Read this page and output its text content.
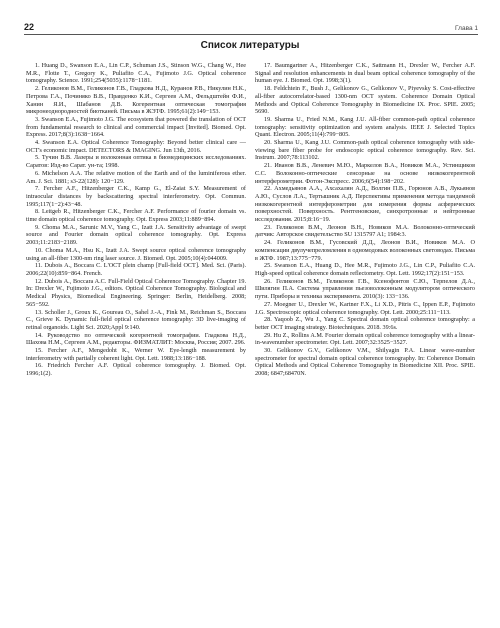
22	Глава 1
Список литературы

1. Huang D., Swanson E.A., Lin C.P., Schuman J.S., Stinson W.G., Chang W., Hee M.R., Flotte T., Gregory K., Puliafito C.A., Fujimoto J.G. Optical coherence tomography. Science. 1991;254(5035):1178−1181.

2. Геликонов В.М., Геликонов Г.В., Гладкова Н.Д., Куранов Р.В., Никулин Н.К., Петрова Г.А., Починяко В.В., Правденко К.И., Сергеев А.М., Фельдштейн Ф.И., Ханин Я.И., Шабанов Д.В. Когерентная оптическая томография микронеоднородностей биотканей. Письма в ЖЭТФ. 1995;61(2):149−153.

3. Swanson E.A., Fujimoto J.G. The ecosystem that powered the translation of OCT from fundamental research to clinical and commercial impact [Invited]. Biomed. Opt. Express. 2017;8(3):1638−1664.

4. Swanson E.A. Optical Coherence Tomography: Beyond better clinical care — OCT's economic impact. DETECTORS & IMAGING. Jun 13th, 2016.

5. Тучин В.В. Лазеры и волоконная оптика в биомедицинских исследованиях. Саратов: Изд-во Сарат. ун-та; 1998.

6. Michelson A.A. The relative motion of the Earth and of the luminiferous ether. Am. J. Sci. 1881; s3-22(128): 120−129.

7. Fercher A.F., Hitzenberger C.K., Kamp G., El-Zaiat S.Y. Measurement of intraocular distances by backscattering spectral interferometry. Opt. Commun. 1995;117(1−2):43−48.

8. Leitgeb R., Hitzenberger C.K., Fercher A.F. Performance of fourier domain vs. time domain optical coherence tomography. Opt. Express 2003;11:889−894.

9. Choma M.A., Sarunic M.V., Yang C., Izatt J.A. Sensitivity advantage of swept source and Fourier domain optical coherence tomography. Opt. Express 2003;11:2183−2189.

10. Choma M.A., Hsu K., Izatt J.A. Swept source optical coherence tomography using an all-fiber 1300-nm ring laser source. J. Biomed. Opt. 2005;10(4):044009.

11. Dubois A., Boccara C. L'OCT plein champ [Full-field OCT]. Med. Sci. (Paris). 2006;22(10):859−864. French.

12. Dubois A., Boccara A.C. Full-Field Optical Coherence Tomography. Chapter 19. In: Drexler W., Fujimoto J.G., editors. Optical Coherence Tomography. Biological and Medical Physics, Biomedical Engineering. Springer: Berlin, Heidelberg. 2008; 565−592.

13. Scholler J., Groux K., Goureau O., Sahel J.-A., Fink M., Reichman S., Boccara C., Grieve K. Dynamic full-field optical coherence tomography: 3D live-imaging of retinal organoids. Light Sci. 2020;Appl 9:140.

14. Руководство по оптической когерентной томографии. Гладкова Н.Д., Шахова Н.М., Сергеев А.М., редакторы. ФИЗМАТЛИТ: Москва, Россия; 2007. 296.

15. Fercher A.F., Mengedoht K., Werner W. Eye-length measurement by interferometry with partially coherent light. Opt. Lett. 1988;13:186−188.

16. Friedrich Fercher A.F. Optical coherence tomography. J. Biomed. Opt. 1996;1(2).

17. Baumgartner A., Hitzenberger C.K., Sattmann H., Drexler W., Fercher A.F. Signal and resolution enhancements in dual beam optical coherence tomography of the human eye. J. Biomed. Opt. 1998;3(1).

18. Feldchtein F., Bush J., Gelikonov G., Gelikonov V., Piyevsky S. Cost-effective all-fiber autocorrelator-based 1300-nm OCT system. Coherence Domain Optical Methods and Optical Coherence Tomography in Biomedicine IX. Proc. SPIE. 2005; 5690.

19. Sharma U., Fried N.M., Kang J.U. All-fiber common-path optical coherence tomography: sensitivity optimization and system analysis. IEEE J. Selected Topics Quant. Electron. 2005;11(4):799−805.

20. Sharma U., Kang J.U. Common-path optical coherence tomography with side-viewing bare fiber probe for endoscopic optical coherence tomography. Rev. Sci. Instrum. 2007;78:113102.

21. Иванов В.В., Леневич М.Ю., Маркелов В.А., Новиков М.А., Устинщиков С.С. Волоконно-оптические сенсорные на основе низкокогерентной интерферометрии. Фотон-Экспресс. 2006;6(54):198−202.

22. Ахмедьянов А.А., Ахсахалян А.Д., Волгин П.В., Горюнов А.В., Лукьянов А.Ю., Суслов Л.А., Тертышник А.Д. Перспективы применения метода тандемной низкокогерентной интерферометрии для измерения формы асферических поверхностей. Поверхность. Рентгеновские, синхротронные и нейтронные исследования. 2015;8:16−19.

23. Геликонов В.М., Леонов В.Н., Новиков М.А. Волоконно-оптический датчик: Авторское свидетельство SU 1315797 A1; 1984:3.

24. Геликонов В.М., Гусовский Д.Д., Леонов В.И., Новиков М.А. О компенсации двулучепреломления в одномодовых волоконных световодах. Письма в ЖТФ. 1987;13:775−779.

25. Swanson E.A., Huang D., Hee M.R., Fujimoto J.G., Lin C.P., Puliafito C.A. High-speed optical coherence domain reflectometry. Opt. Lett. 1992;17(2):151−153.

26. Геликонов В.М., Геликонов Г.В., Ксенофонтов С.Ю., Терпелов Д.А., Шилягин П.А. Система управления пьезоволоконным модулятором оптического пути. Приборы и техника эксперимента. 2010(3): 133−136.

27. Moegner U., Drexler W., Kartner F.X., Li X.D., Pitris C., Ippen E.P., Fujimoto J.G. Spectroscopic optical coherence tomography. Opt. Lett. 2000;25:111−113.

28. Yaqoob Z., Wu J., Yang C. Spectral domain optical coherence tomography: a better OCT imaging strategy. Biotechniques. 2018. 39:6s.

29. Hu Z., Rollins A.M. Fourier domain optical coherence tomography with a linear-in-wavenumber spectrometer. Opt. Lett. 2007;32:3525−3527.

30. Gelikonov G.V., Gelikonov V.M., Shilyagin P.A. Linear wave-number spectrometer for spectral domain optical coherence tomography. In: Coherence Domain Optical Methods and Optical Coherence Tomography in Biomedicine XII. Proc. SPIE. 2008; 6847;68470N.
